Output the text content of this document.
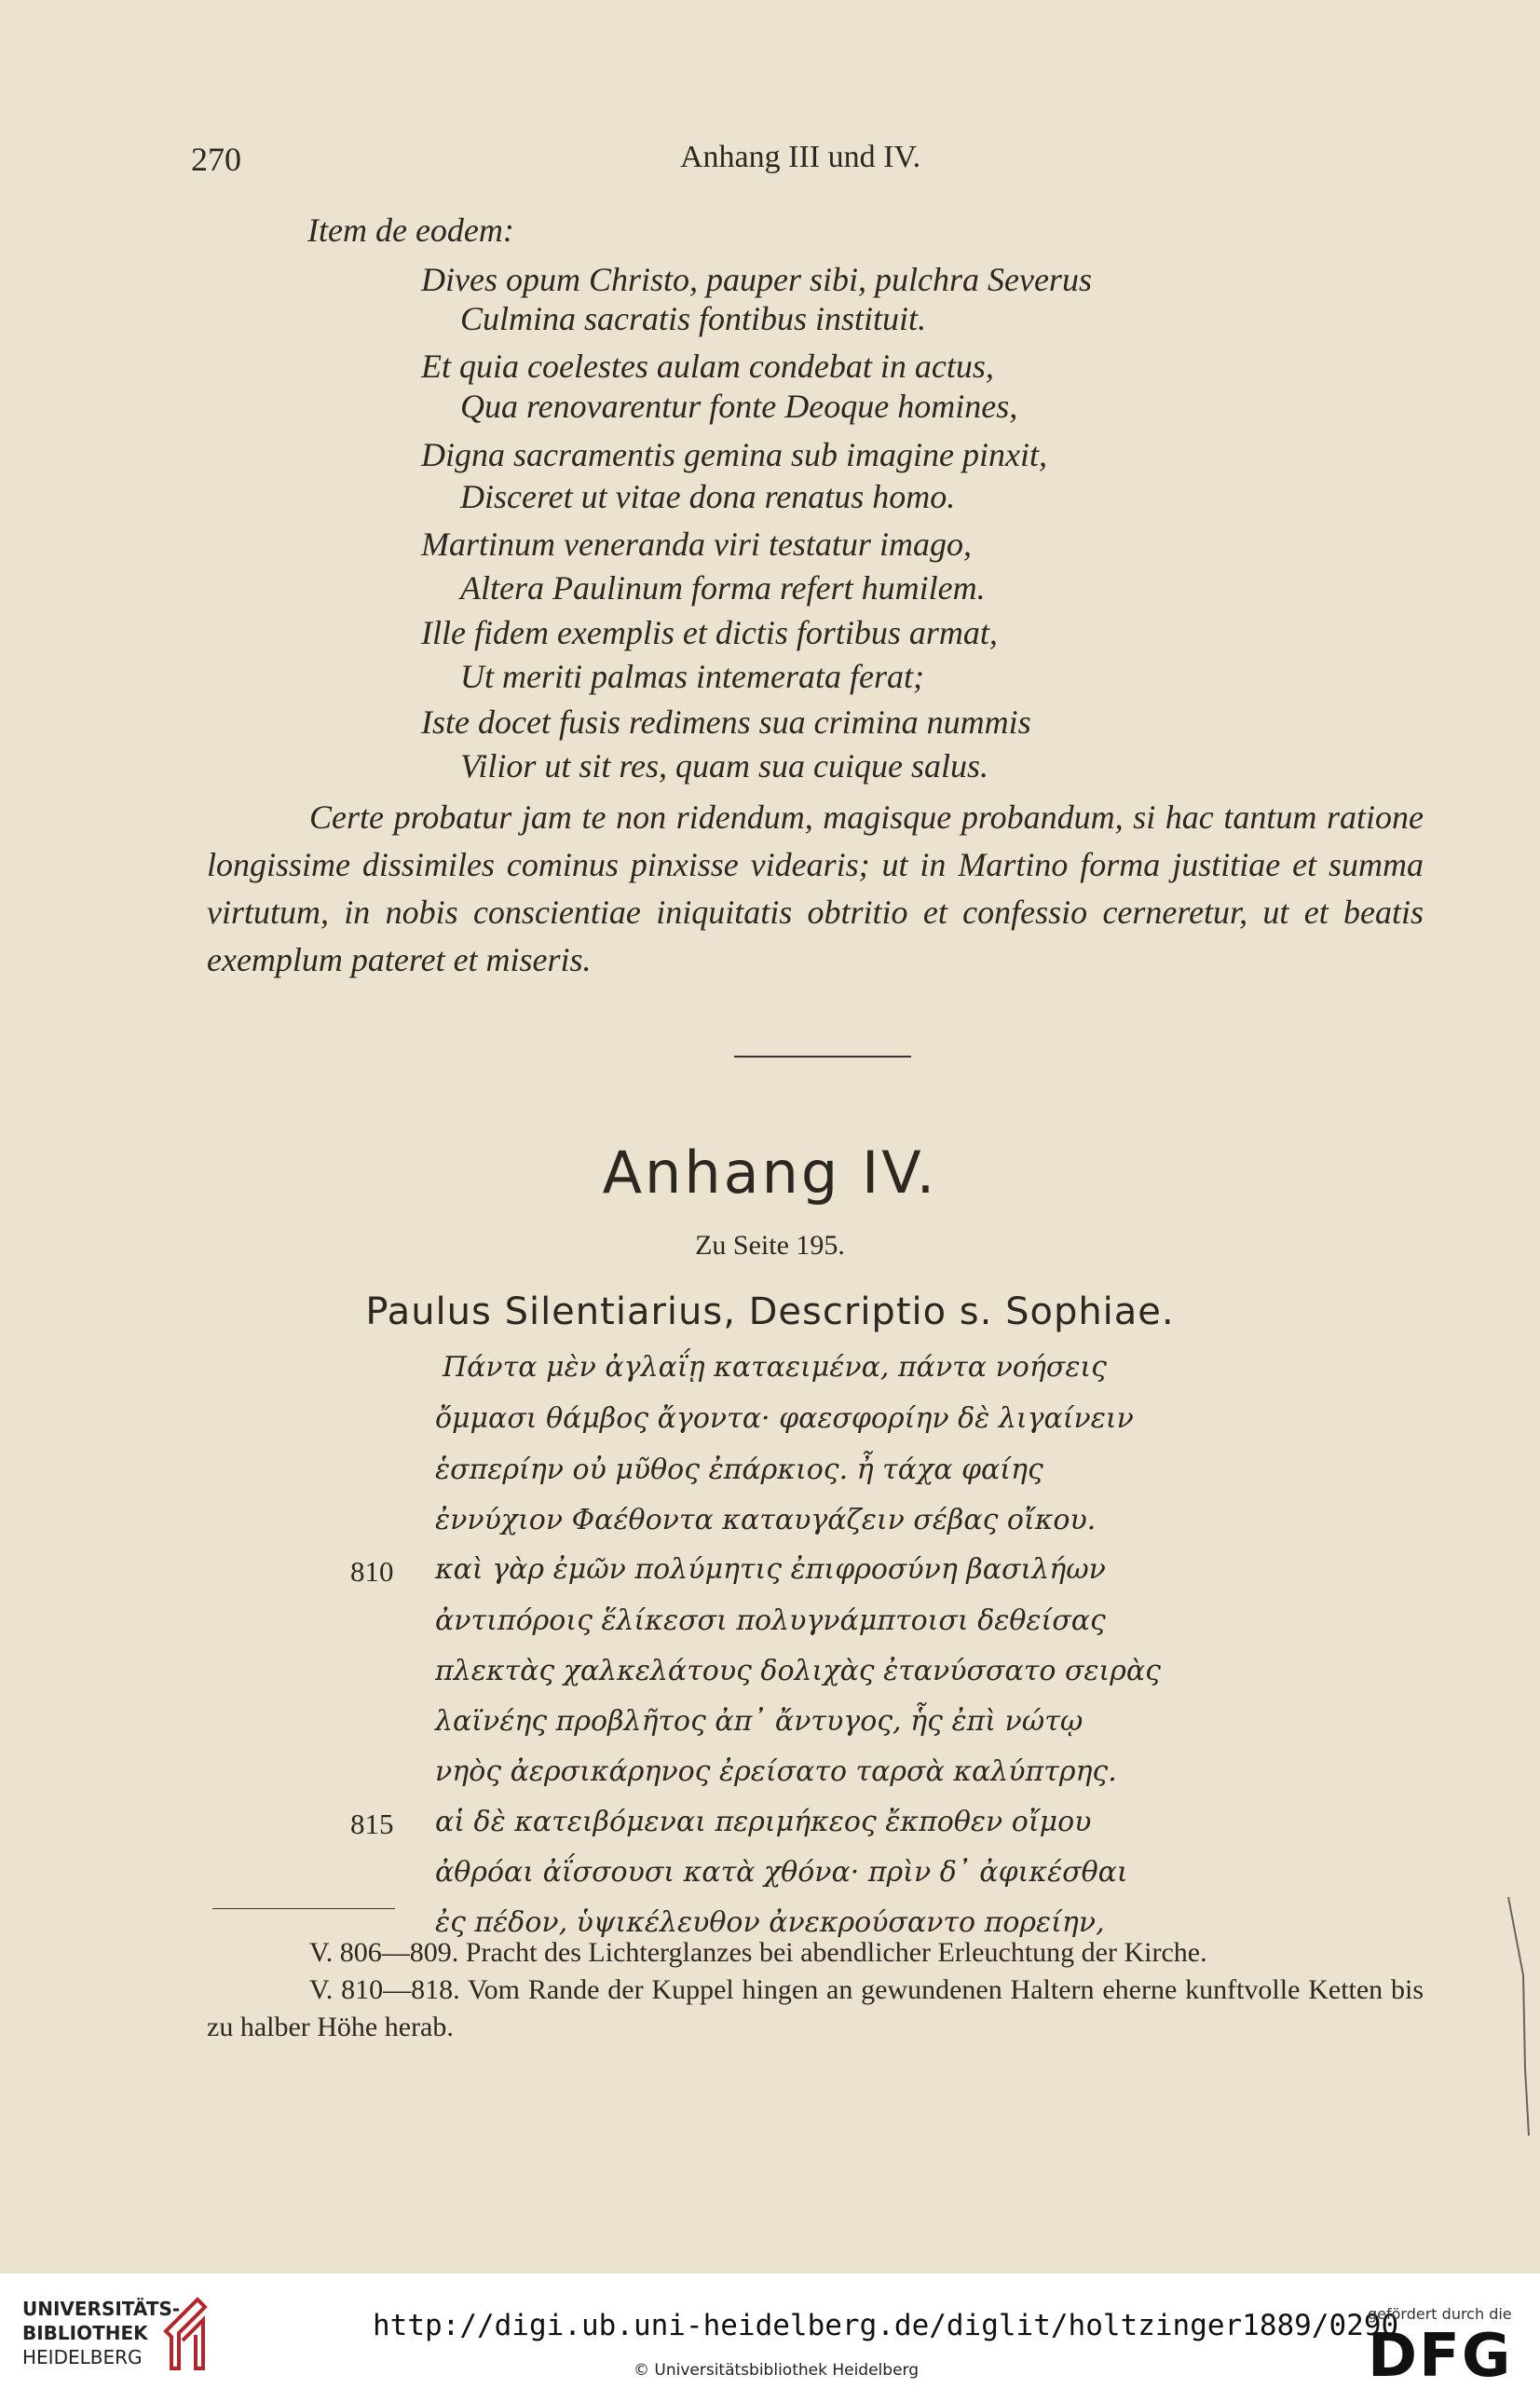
270	Anhang III und IV.
Item de eodem:
Dives opum Christo, pauper sibi, pulchra Severus
Culmina sacratis fontibus instituit.
Et quia coelestes aulam condebat in actus,
Qua renovarentur fonte Deoque homines,
Digna sacramentis gemina sub imagine pinxit,
Disceret ut vitae dona renatus homo.
Martinum veneranda viri testatur imago,
Altera Paulinum forma refert humilem.
Ille fidem exemplis et dictis fortibus armat,
Ut meriti palmas intemerata ferat;
Iste docet fusis redimens sua crimina nummis
Vilior ut sit res, quam sua cuique salus.

Certe probatur jam te non ridendum, magisque probandum, si hac tantum ratione longissime dissimiles cominus pinxisse videaris; ut in Martino forma justitiae et summa virtutum, in nobis conscientiae iniquitatis obtritio et confessio cerneretur, ut et beatis exemplum pateret et miseris.

Anhang IV.
Zu Seite 195.
Paulus Silentiarius, Descriptio s. Sophiae.
Πάντα μὲν ἀγλαΐῃ καταειμένα, πάντα νοήσεις
ὄμμασι θάμβος ἄγοντα· φαεσφορίην δὲ λιγαίνειν
ἑσπερίην οὐ μῦθος ἐπάρκιος. ἦ τάχα φαίης
ἐννύχιον Φαέθοντα καταυγάζειν σέβας οἴκου.
810 καὶ γὰρ ἐμῶν πολύμητις ἐπιφροσύνη βασιλήων
ἀντιπόροις ἕλίκεσσι πολυγνάμπτοισι δεθείσας
πλεκτὰς χαλκελάτους δολιχὰς ἐτανύσσατο σειρὰς
λαϊνέης προβλῆτος ἀπ᾽ ἄντυγος, ἧς ἐπὶ νώτῳ
νηὸς ἀερσικάρηνος ἐρείσατο ταρσὰ καλύπτρης.
815 αἱ δὲ κατειβόμεναι περιμήκεος ἔκποθεν οἴμου
ἀθρόαι ἀΐσσουσι κατὰ χθόνα· πρὶν δ᾽ ἀφικέσθαι
ἐς πέδον, ὑψικέλευθον ἀνεκρούσαντο πορείην,

V. 806—809. Pracht des Lichterglanzes bei abendlicher Erleuchtung der Kirche.

V. 810—818. Vom Rande der Kuppel hingen an gewundenen Haltern eherne kunftvolle Ketten bis zu halber Höhe herab.

UNIVERSITÄTS-
BIBLIOTHEK
HEIDELBERG
http://digi.ub.uni-heidelberg.de/diglit/holtzinger1889/0290
© Universitätsbibliothek Heidelberg
gefördert durch die
DFG
